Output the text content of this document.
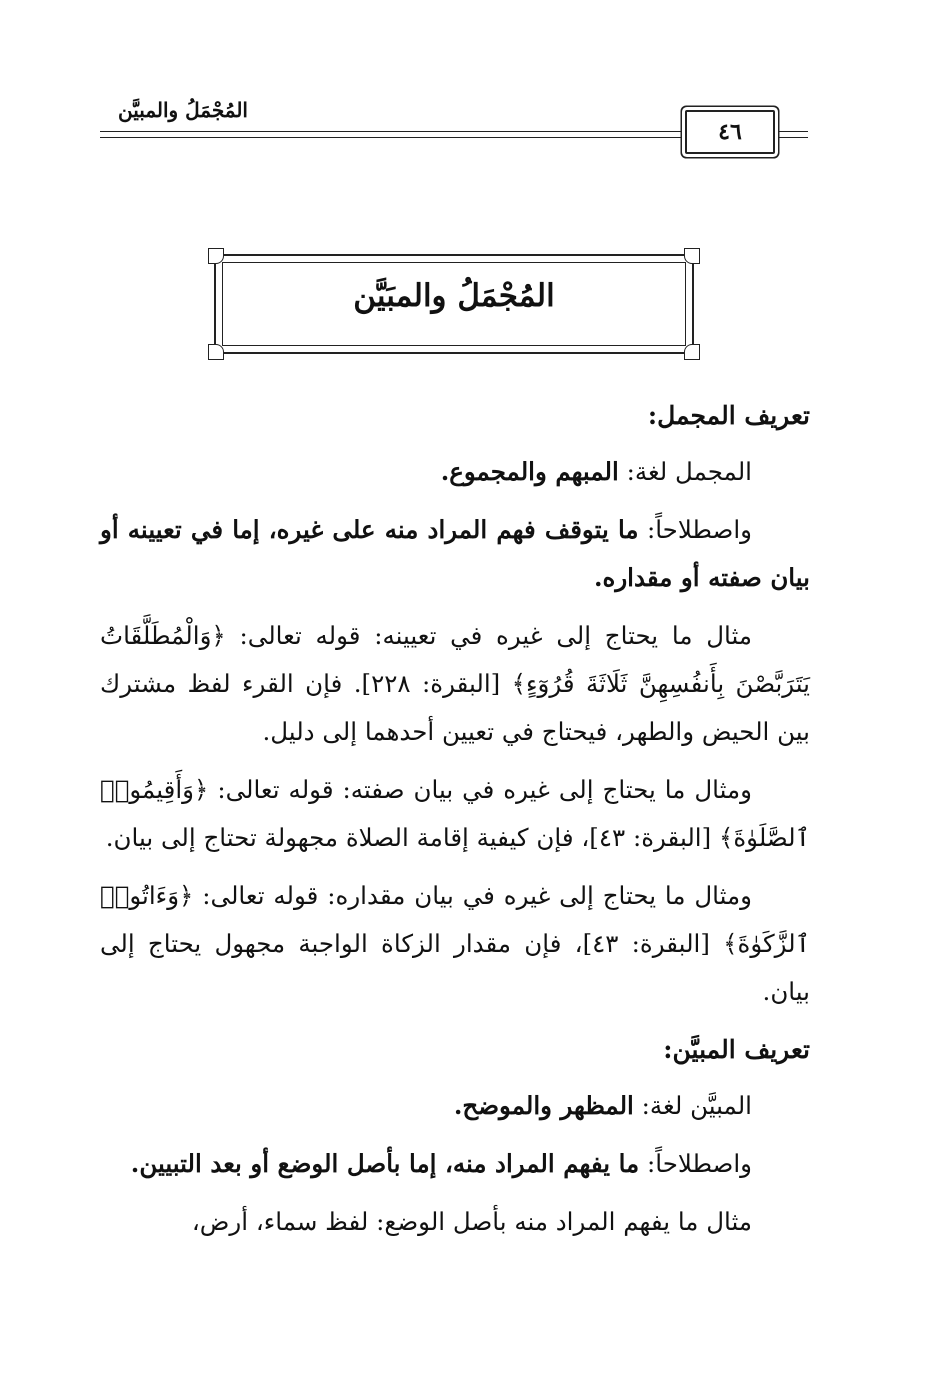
المُجْمَلُ والمبيَّن
٤٦
المُجْمَلُ والمبَيَّن
تعريف المجمل:

المجمل لغة: المبهم والمجموع.

واصطلاحاً: ما يتوقف فهم المراد منه على غيره، إما في تعيينه أو بيان صفته أو مقداره.

مثال ما يحتاج إلى غيره في تعيينه: قوله تعالى: ﴿وَالْمُطَلَّقَاتُ يَتَرَبَّصْنَ بِأَنفُسِهِنَّ ثَلَاثَةَ قُرُوٓءٍ﴾ [البقرة: ٢٢٨]. فإن القرء لفظ مشترك بين الحيض والطهر، فيحتاج في تعيين أحدهما إلى دليل.

ومثال ما يحتاج إلى غيره في بيان صفته: قوله تعالى: ﴿وَأَقِيمُوا۟ ٱلصَّلَوٰةَ﴾ [البقرة: ٤٣]، فإن كيفية إقامة الصلاة مجهولة تحتاج إلى بيان.

ومثال ما يحتاج إلى غيره في بيان مقداره: قوله تعالى: ﴿وَءَاتُوا۟ ٱلزَّكَوٰةَ﴾ [البقرة: ٤٣]، فإن مقدار الزكاة الواجبة مجهول يحتاج إلى بيان.

تعريف المبيَّن:

المبيَّن لغة: المظهر والموضح.

واصطلاحاً: ما يفهم المراد منه، إما بأصل الوضع أو بعد التبيين.

مثال ما يفهم المراد منه بأصل الوضع: لفظ سماء، أرض،
